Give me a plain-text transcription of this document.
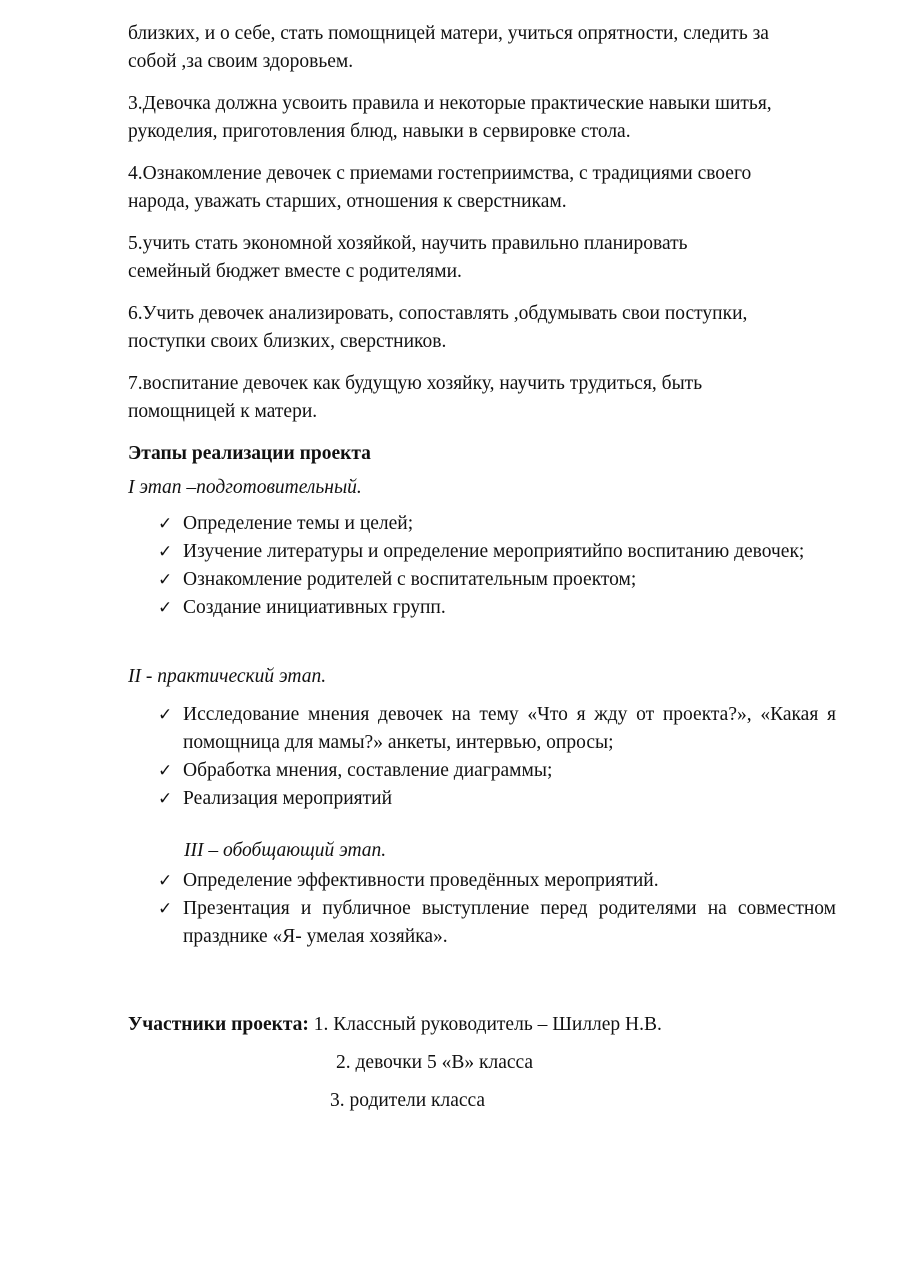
близких, и о себе, стать помощницей матери, учиться опрятности, следить за
собой ,за своим здоровьем.

3.Девочка должна усвоить правила и некоторые практические навыки шитья,
рукоделия, приготовления блюд, навыки в сервировке стола.

4.Ознакомление девочек с приемами гостеприимства, с традициями своего
народа, уважать старших, отношения к сверстникам.

5.учить стать экономной хозяйкой, научить правильно планировать
семейный бюджет вместе с родителями.

6.Учить девочек анализировать, сопоставлять ,обдумывать свои поступки,
поступки своих близких, сверстников.

7.воспитание девочек как будущую хозяйку, научить трудиться, быть
помощницей к матери.

Этапы реализации проекта

I этап –подготовительный.

✓ Определение темы и целей;
✓ Изучение литературы и определение мероприятийпо воспитанию девочек;
✓ Ознакомление родителей с воспитательным проектом;
✓ Создание инициативных групп.

II - практический этап.

✓ Исследование мнения девочек на тему «Что я жду от проекта?», «Какая я помощница для мамы?» анкеты, интервью, опросы;
✓ Обработка мнения, составление диаграммы;
✓ Реализация мероприятий

III – обобщающий этап.

✓ Определение эффективности проведённых мероприятий.
✓ Презентация и публичное выступление перед родителями на совместном празднике «Я- умелая хозяйка».
Участники проекта: 1. Классный руководитель – Шиллер Н.В.
2. девочки 5 «В» класса
3. родители класса
